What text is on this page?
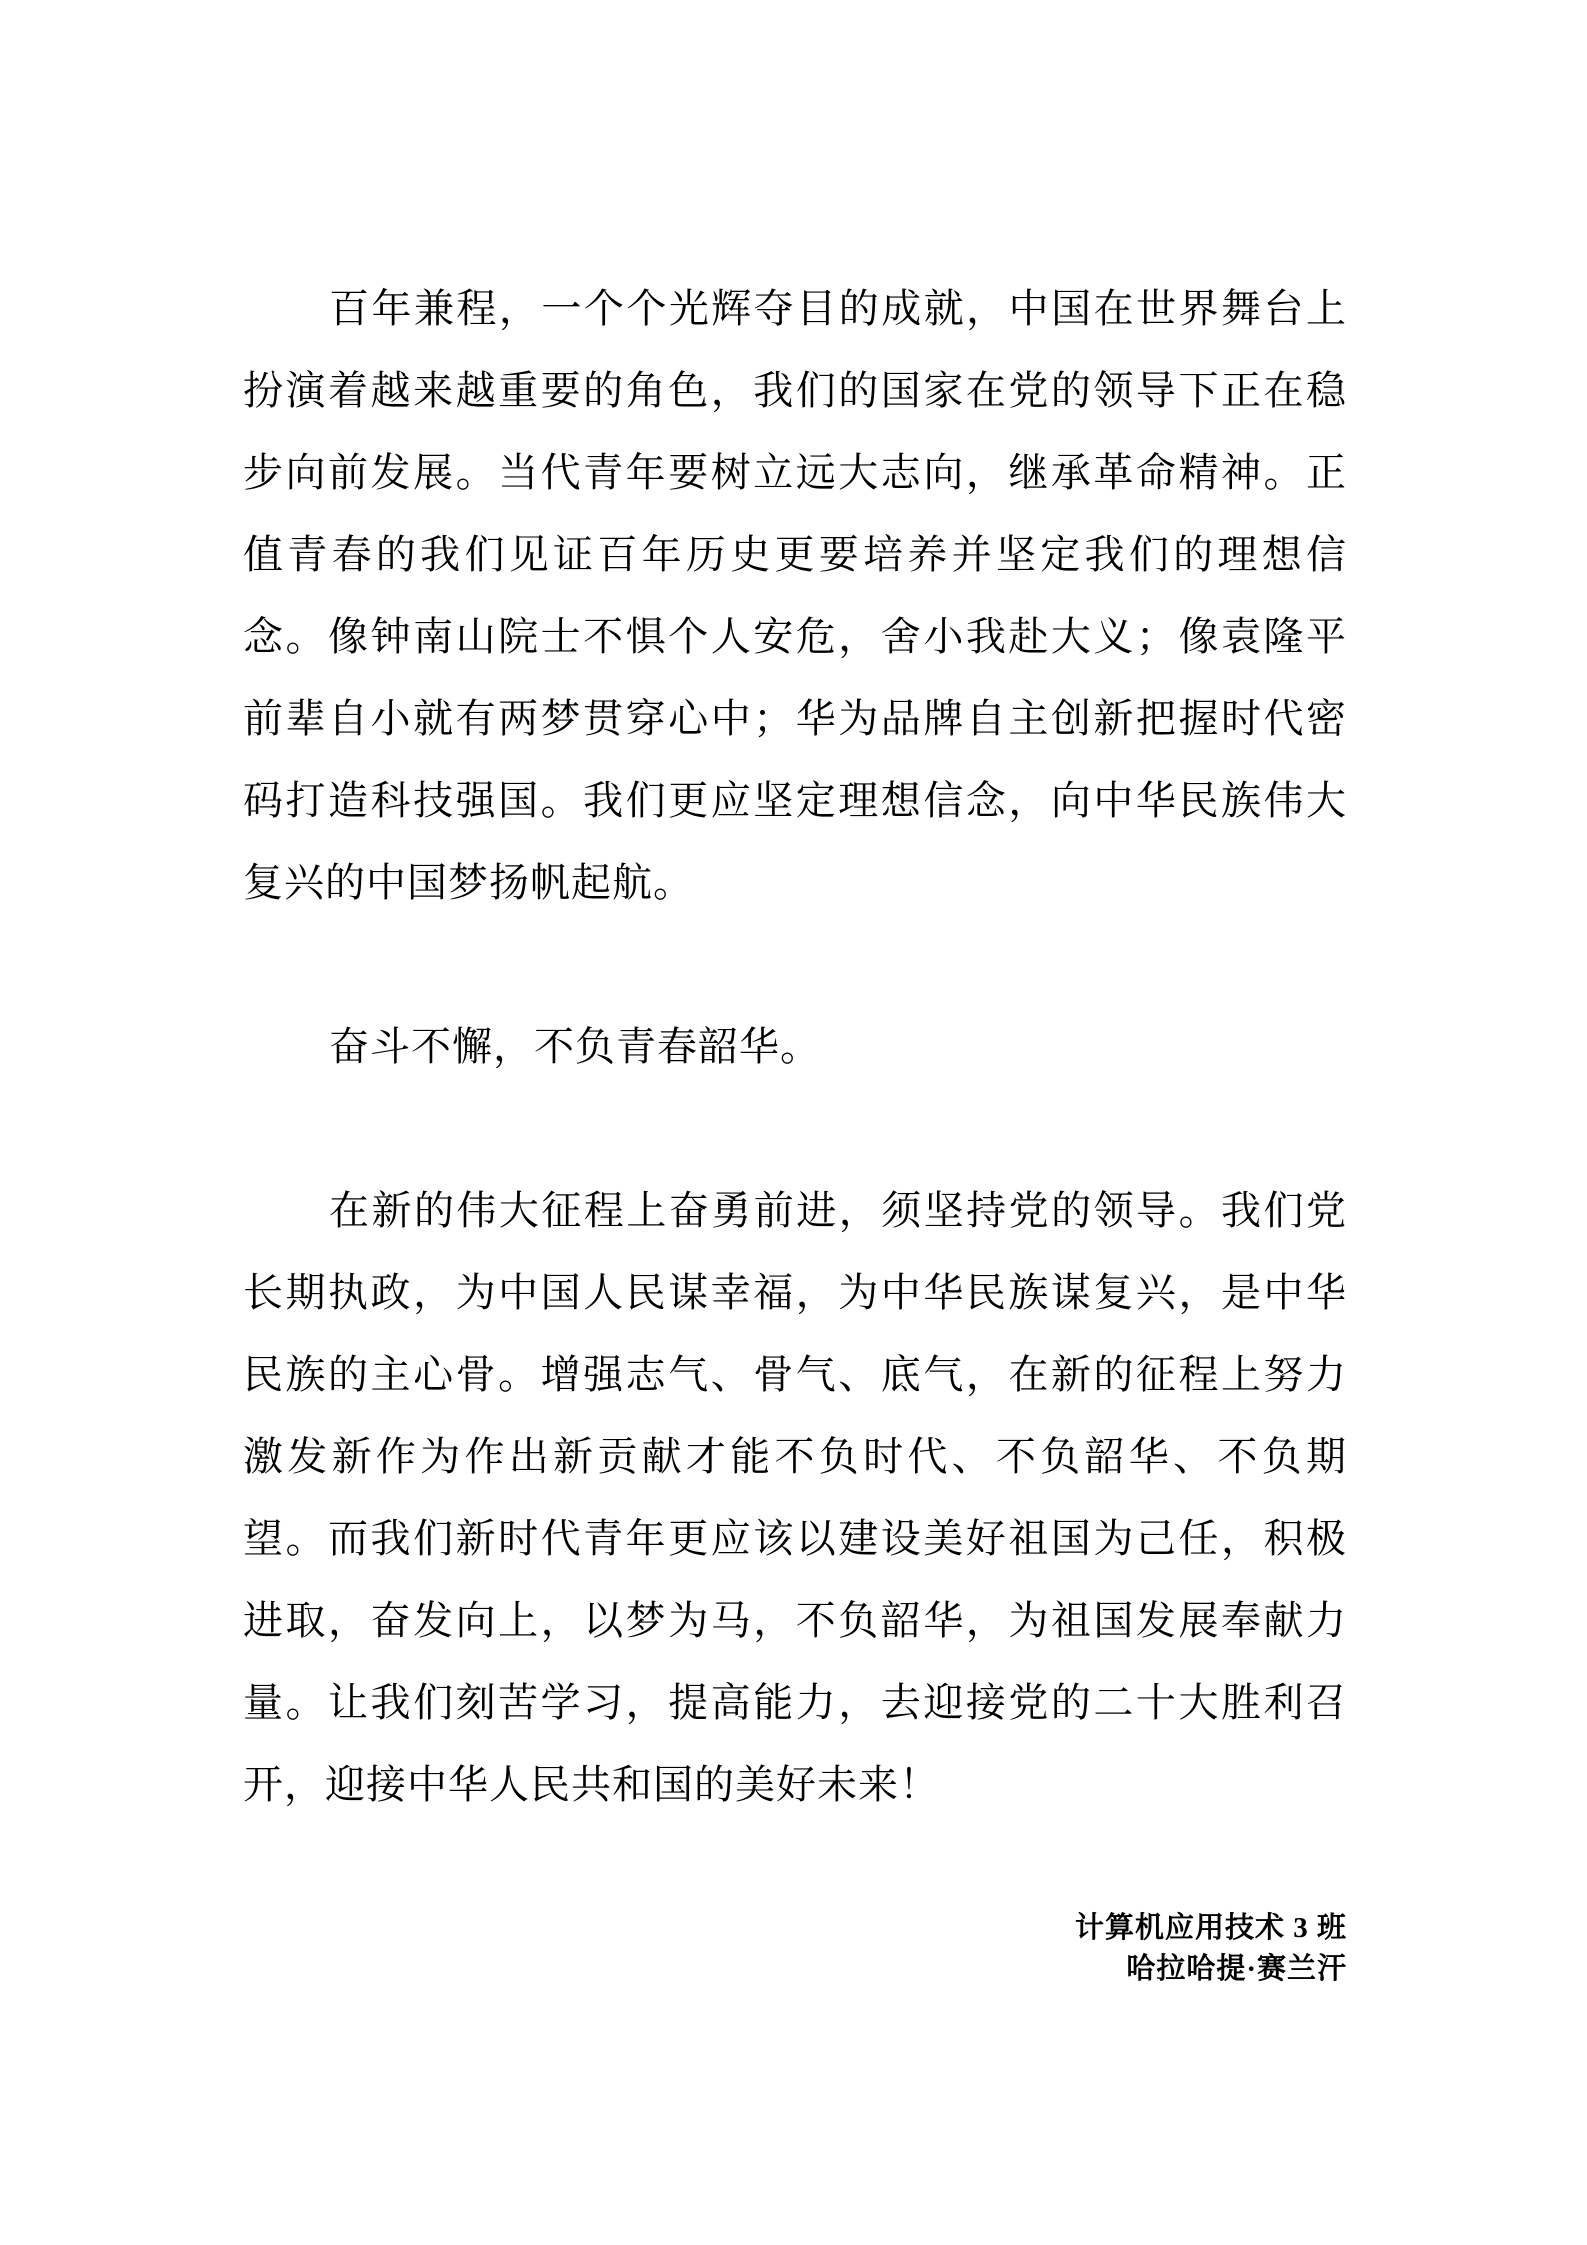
百年兼程，一个个光辉夺目的成就，中国在世界舞台上扮演着越来越重要的角色，我们的国家在党的领导下正在稳步向前发展。当代青年要树立远大志向，继承革命精神。正值青春的我们见证百年历史更要培养并坚定我们的理想信念。像钟南山院士不惧个人安危，舍小我赴大义；像袁隆平前辈自小就有两梦贯穿心中；华为品牌自主创新把握时代密码打造科技强国。我们更应坚定理想信念，向中华民族伟大复兴的中国梦扬帆起航。

奋斗不懈，不负青春韶华。

在新的伟大征程上奋勇前进，须坚持党的领导。我们党长期执政，为中国人民谋幸福，为中华民族谋复兴，是中华民族的主心骨。增强志气、骨气、底气，在新的征程上努力激发新作为作出新贡献才能不负时代、不负韶华、不负期望。而我们新时代青年更应该以建设美好祖国为己任，积极进取，奋发向上，以梦为马，不负韶华，为祖国发展奉献力量。让我们刻苦学习，提高能力，去迎接党的二十大胜利召开，迎接中华人民共和国的美好未来！

计算机应用技术 3 班
哈拉哈提·赛兰汗
